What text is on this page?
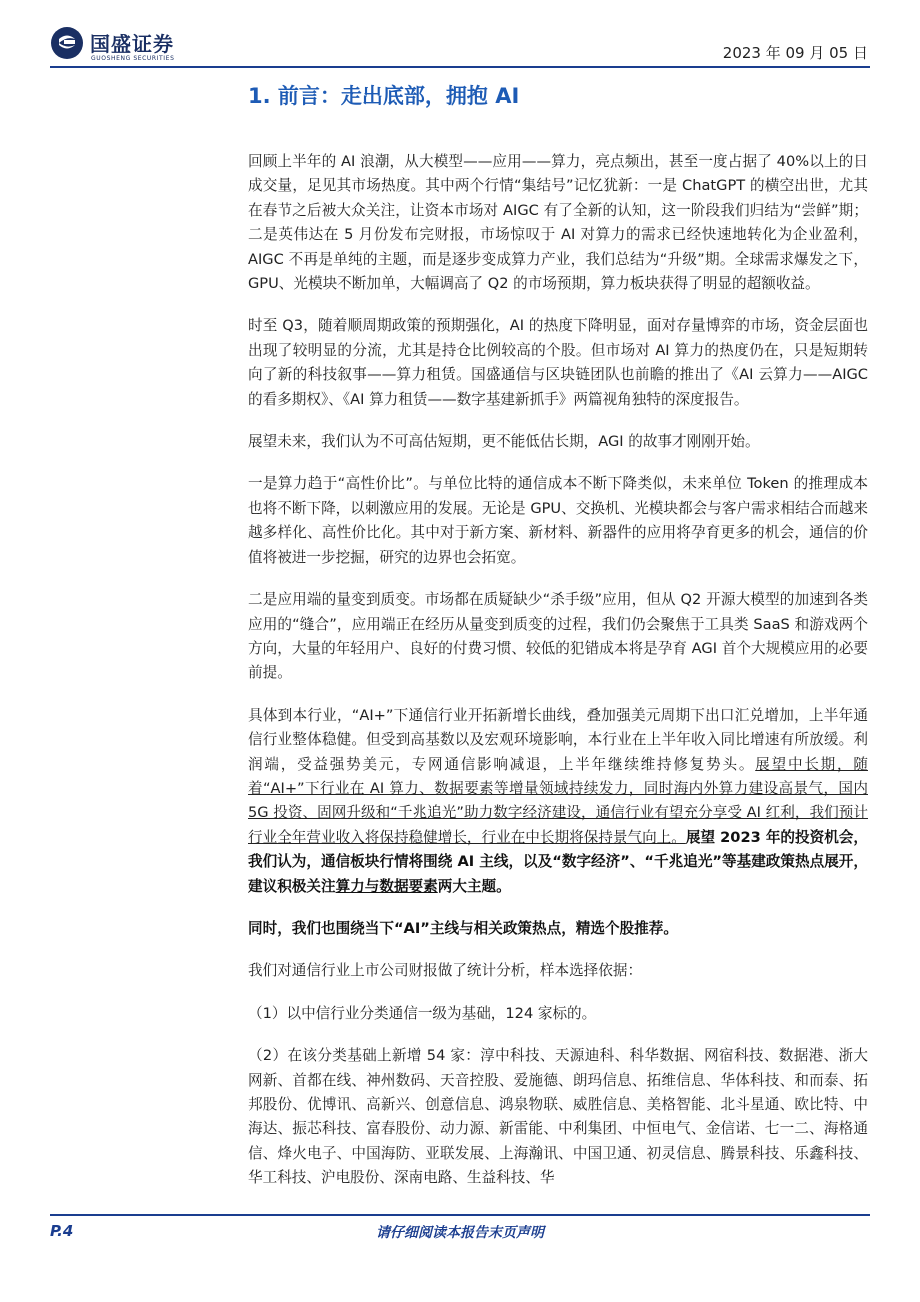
国盛证券
GUOSHENG SECURITIES	2023 年 09 月 05 日
1. 前言：走出底部，拥抱 AI

回顾上半年的 AI 浪潮，从大模型——应用——算力，亮点频出，甚至一度占据了 40%以上的日成交量，足见其市场热度。其中两个行情“集结号”记忆犹新：一是 ChatGPT 的横空出世，尤其在春节之后被大众关注，让资本市场对 AIGC 有了全新的认知，这一阶段我们归结为“尝鲜”期；二是英伟达在 5 月份发布完财报，市场惊叹于 AI 对算力的需求已经快速地转化为企业盈利，AIGC 不再是单纯的主题，而是逐步变成算力产业，我们总结为“升级”期。全球需求爆发之下，GPU、光模块不断加单，大幅调高了 Q2 的市场预期，算力板块获得了明显的超额收益。

时至 Q3，随着顺周期政策的预期强化，AI 的热度下降明显，面对存量博弈的市场，资金层面也出现了较明显的分流，尤其是持仓比例较高的个股。但市场对 AI 算力的热度仍在，只是短期转向了新的科技叙事——算力租赁。国盛通信与区块链团队也前瞻的推出了《AI 云算力——AIGC 的看多期权》、《AI 算力租赁——数字基建新抓手》两篇视角独特的深度报告。

展望未来，我们认为不可高估短期，更不能低估长期，AGI 的故事才刚刚开始。

一是算力趋于“高性价比”。与单位比特的通信成本不断下降类似，未来单位 Token 的推理成本也将不断下降，以刺激应用的发展。无论是 GPU、交换机、光模块都会与客户需求相结合而越来越多样化、高性价比化。其中对于新方案、新材料、新器件的应用将孕育更多的机会，通信的价值将被进一步挖掘，研究的边界也会拓宽。

二是应用端的量变到质变。市场都在质疑缺少“杀手级”应用，但从 Q2 开源大模型的加速到各类应用的“缝合”，应用端正在经历从量变到质变的过程，我们仍会聚焦于工具类 SaaS 和游戏两个方向，大量的年轻用户、良好的付费习惯、较低的犯错成本将是孕育 AGI 首个大规模应用的必要前提。

具体到本行业，“AI+”下通信行业开拓新增长曲线，叠加强美元周期下出口汇兑增加，上半年通信行业整体稳健。但受到高基数以及宏观环境影响，本行业在上半年收入同比增速有所放缓。利润端，受益强势美元，专网通信影响减退，上半年继续维持修复势头。展望中长期，随着“AI+”下行业在 AI 算力、数据要素等增量领域持续发力，同时海内外算力建设高景气，国内 5G 投资、固网升级和“千兆追光”助力数字经济建设，通信行业有望充分享受 AI 红利，我们预计行业全年营业收入将保持稳健增长，行业在中长期将保持景气向上。展望 2023 年的投资机会，我们认为，通信板块行情将围绕 AI 主线，以及“数字经济”、“千兆追光”等基建政策热点展开，建议积极关注算力与数据要素两大主题。

同时，我们也围绕当下“AI”主线与相关政策热点，精选个股推荐。

我们对通信行业上市公司财报做了统计分析，样本选择依据：

（1）以中信行业分类通信一级为基础，124 家标的。

（2）在该分类基础上新增 54 家：淳中科技、天源迪科、科华数据、网宿科技、数据港、浙大网新、首都在线、神州数码、天音控股、爱施德、朗玛信息、拓维信息、华体科技、和而泰、拓邦股份、优博讯、高新兴、创意信息、鸿泉物联、威胜信息、美格智能、北斗星通、欧比特、中海达、振芯科技、富春股份、动力源、新雷能、中利集团、中恒电气、金信诺、七一二、海格通信、烽火电子、中国海防、亚联发展、上海瀚讯、中国卫通、初灵信息、腾景科技、乐鑫科技、华工科技、沪电股份、深南电路、生益科技、华

P.4	请仔细阅读本报告末页声明
